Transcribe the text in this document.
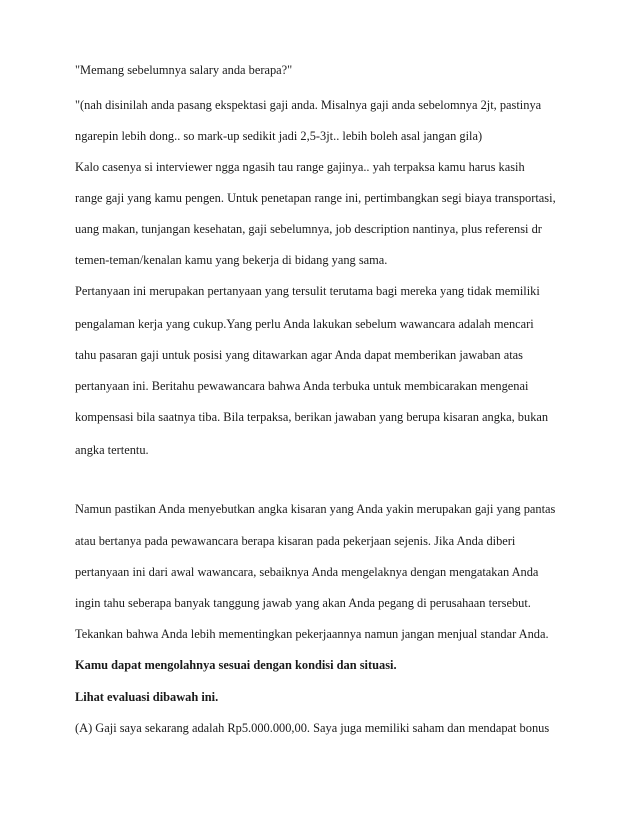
"Memang sebelumnya salary anda berapa?"
"(nah disinilah anda pasang ekspektasi gaji anda. Misalnya gaji anda sebelomnya 2jt, pastinya
ngarepin lebih dong.. so mark-up sedikit jadi 2,5-3jt.. lebih boleh asal jangan gila)
Kalo casenya si interviewer ngga ngasih tau range gajinya.. yah terpaksa kamu harus kasih
range gaji yang kamu pengen. Untuk penetapan range ini, pertimbangkan segi biaya transportasi,
uang makan, tunjangan kesehatan, gaji sebelumnya, job description nantinya, plus referensi dr
temen-teman/kenalan kamu yang bekerja di bidang yang sama.
Pertanyaan ini merupakan pertanyaan yang tersulit terutama bagi mereka yang tidak memiliki
pengalaman kerja yang cukup.Yang perlu Anda lakukan sebelum wawancara adalah mencari
tahu pasaran gaji untuk posisi yang ditawarkan agar Anda dapat memberikan jawaban atas
pertanyaan ini. Beritahu pewawancara bahwa Anda terbuka untuk membicarakan mengenai
kompensasi bila saatnya tiba. Bila terpaksa, berikan jawaban yang berupa kisaran angka, bukan
angka tertentu.
Namun pastikan Anda menyebutkan angka kisaran yang Anda yakin merupakan gaji yang pantas
atau bertanya pada pewawancara berapa kisaran pada pekerjaan sejenis. Jika Anda diberi
pertanyaan ini dari awal wawancara, sebaiknya Anda mengelaknya dengan mengatakan Anda
ingin tahu seberapa banyak tanggung jawab yang akan Anda pegang di perusahaan tersebut.
Tekankan bahwa Anda lebih mementingkan pekerjaannya namun jangan menjual standar Anda.
Kamu dapat mengolahnya sesuai dengan kondisi dan situasi.
Lihat evaluasi dibawah ini.
(A) Gaji saya sekarang adalah Rp5.000.000,00. Saya juga memiliki saham dan mendapat bonus
